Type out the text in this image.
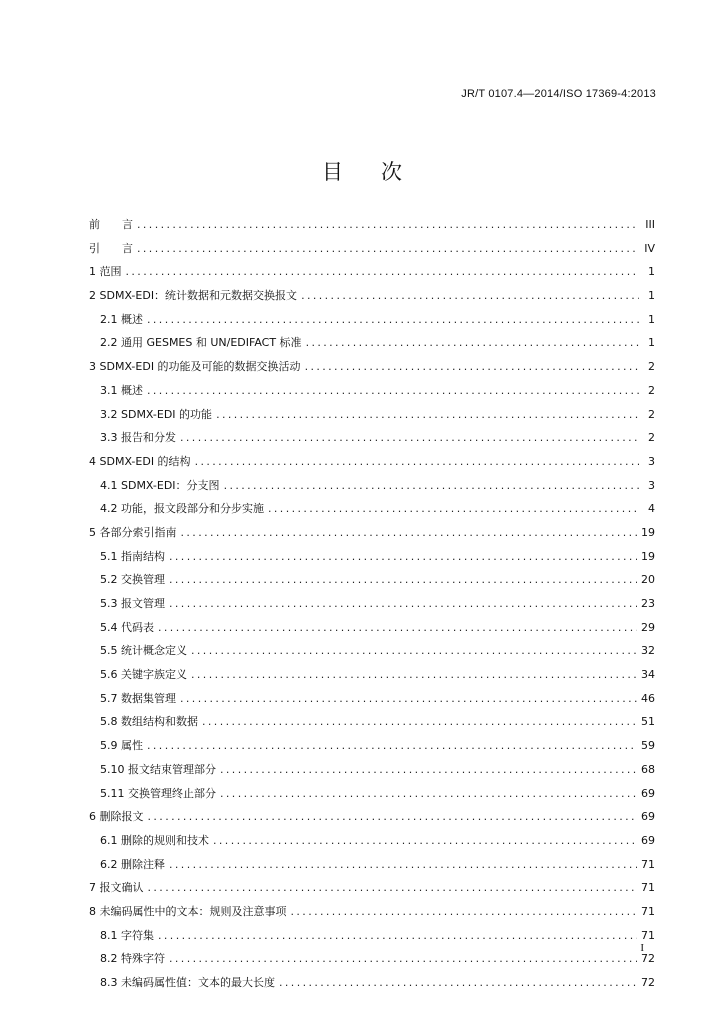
JR/T 0107.4—2014/ISO 17369-4:2013
目 次
前　　言 .....	III
引　　言 .....	IV
1 范围 .....	1
2 SDMX-EDI：统计数据和元数据交换报文 .....	1
2.1 概述 .....	1
2.2 通用 GESMES 和 UN/EDIFACT 标准 .....	1
3 SDMX-EDI 的功能及可能的数据交换活动 .....	2
3.1 概述 .....	2
3.2 SDMX-EDI 的功能 .....	2
3.3 报告和分发 .....	2
4 SDMX-EDI 的结构 .....	3
4.1 SDMX-EDI：分支图 .....	3
4.2 功能，报文段部分和分步实施 .....	4
5 各部分索引指南 .....	19
5.1 指南结构 .....	19
5.2 交换管理 .....	20
5.3 报文管理 .....	23
5.4 代码表 .....	29
5.5 统计概念定义 .....	32
5.6 关键字族定义 .....	34
5.7 数据集管理 .....	46
5.8 数组结构和数据 .....	51
5.9 属性 .....	59
5.10 报文结束管理部分 .....	68
5.11 交换管理终止部分 .....	69
6 删除报文 .....	69
6.1 删除的规则和技术 .....	69
6.2 删除注释 .....	71
7 报文确认 .....	71
8 未编码属性中的文本：规则及注意事项 .....	71
8.1 字符集 .....	71
8.2 特殊字符 .....	72
8.3 未编码属性值：文本的最大长度 .....	72
I
